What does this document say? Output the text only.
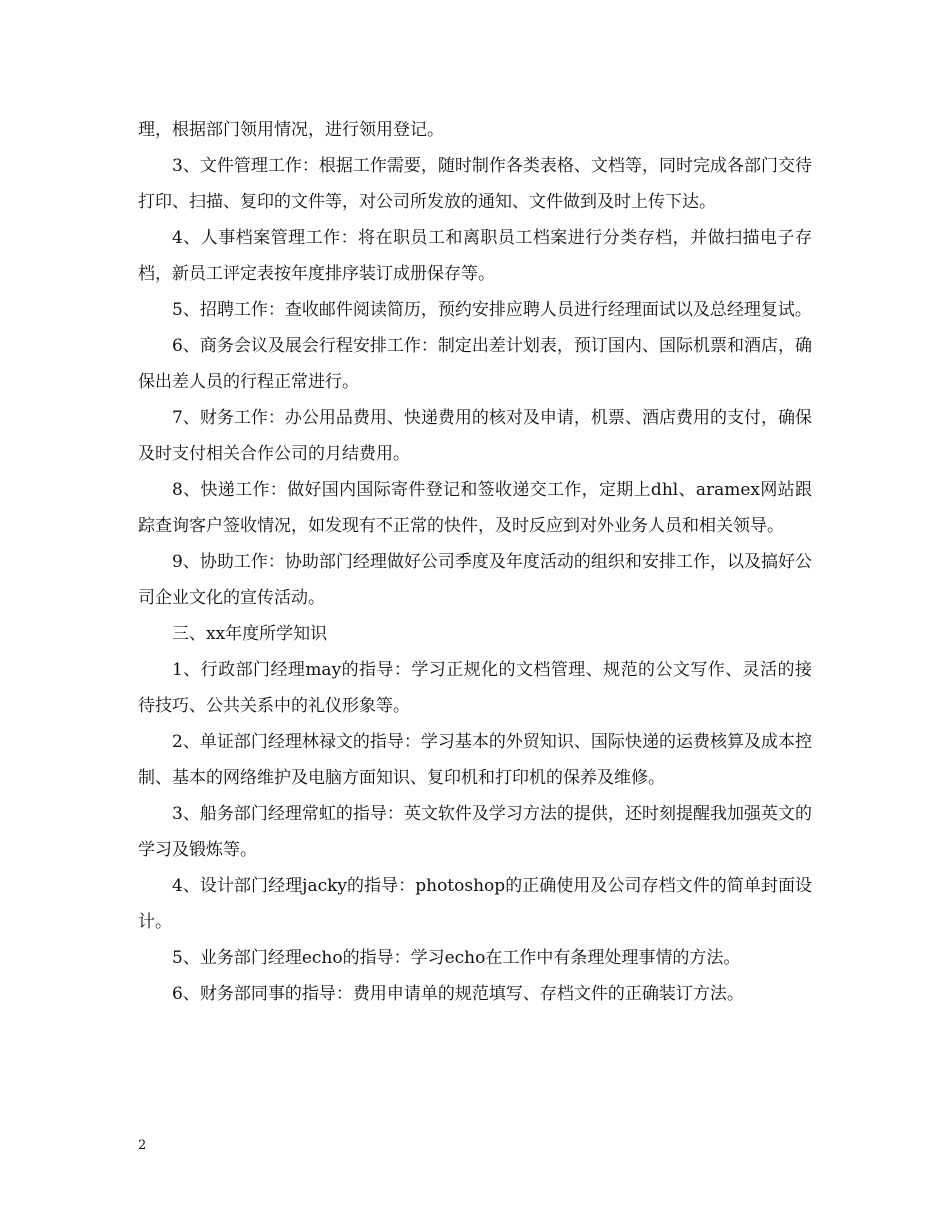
理，根据部门领用情况，进行领用登记。

3、文件管理工作：根据工作需要，随时制作各类表格、文档等，同时完成各部门交待打印、扫描、复印的文件等，对公司所发放的通知、文件做到及时上传下达。

4、人事档案管理工作：将在职员工和离职员工档案进行分类存档，并做扫描电子存档，新员工评定表按年度排序装订成册保存等。

5、招聘工作：查收邮件阅读简历，预约安排应聘人员进行经理面试以及总经理复试。

6、商务会议及展会行程安排工作：制定出差计划表，预订国内、国际机票和酒店，确保出差人员的行程正常进行。

7、财务工作：办公用品费用、快递费用的核对及申请，机票、酒店费用的支付，确保及时支付相关合作公司的月结费用。

8、快递工作：做好国内国际寄件登记和签收递交工作，定期上dhl、aramex网站跟踪查询客户签收情况，如发现有不正常的快件，及时反应到对外业务人员和相关领导。

9、协助工作：协助部门经理做好公司季度及年度活动的组织和安排工作，以及搞好公司企业文化的宣传活动。

三、xx年度所学知识

1、行政部门经理may的指导：学习正规化的文档管理、规范的公文写作、灵活的接待技巧、公共关系中的礼仪形象等。

2、单证部门经理林禄文的指导：学习基本的外贸知识、国际快递的运费核算及成本控制、基本的网络维护及电脑方面知识、复印机和打印机的保养及维修。

3、船务部门经理常虹的指导：英文软件及学习方法的提供，还时刻提醒我加强英文的学习及锻炼等。

4、设计部门经理jacky的指导：photoshop的正确使用及公司存档文件的简单封面设计。

5、业务部门经理echo的指导：学习echo在工作中有条理处理事情的方法。

6、财务部同事的指导：费用申请单的规范填写、存档文件的正确装订方法。

2
